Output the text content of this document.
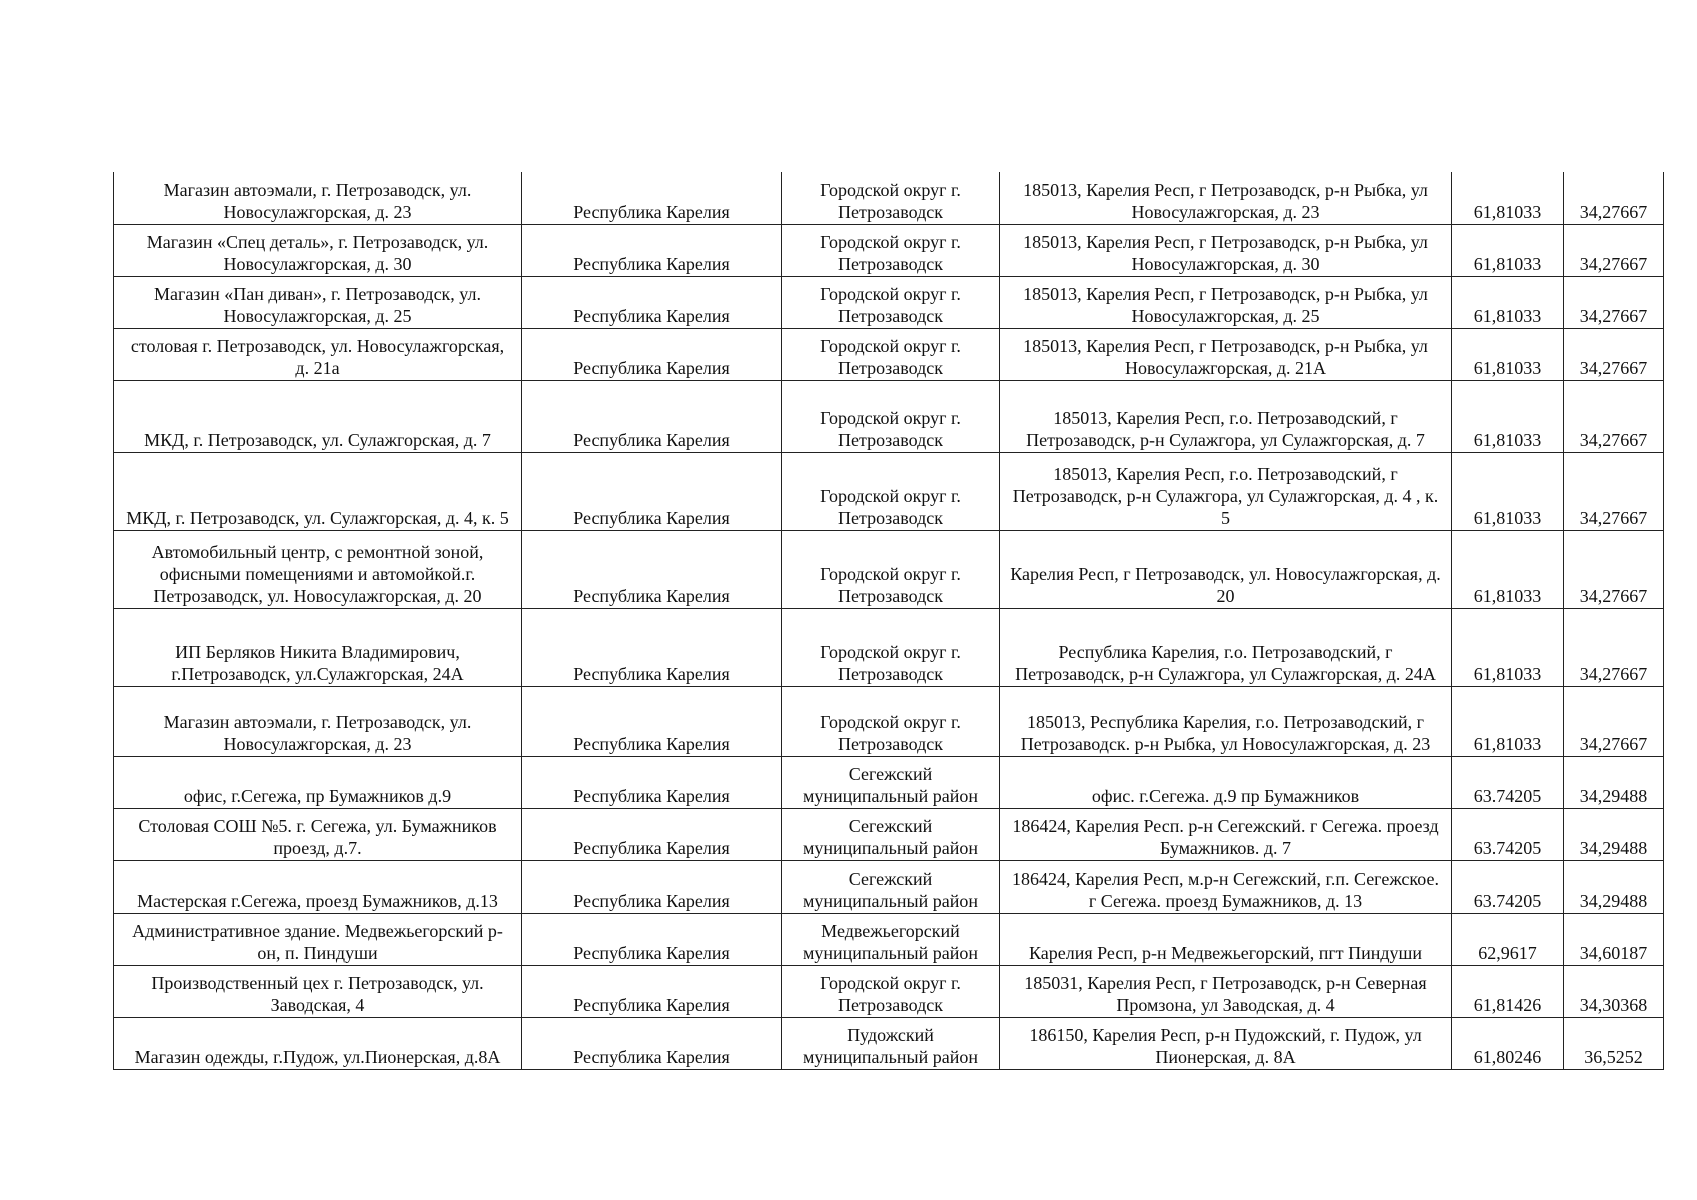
Магазин автоэмали, г. Петрозаводск, ул. Новосулажгорская, д. 23	Республика Карелия	Городской округ г. Петрозаводск	185013, Карелия Респ, г Петрозаводск, р-н Рыбка, ул Новосулажгорская, д. 23	61,81033	34,27667
Магазин «Спец деталь», г. Петрозаводск, ул. Новосулажгорская, д. 30	Республика Карелия	Городской округ г. Петрозаводск	185013, Карелия Респ, г Петрозаводск, р-н Рыбка, ул Новосулажгорская, д. 30	61,81033	34,27667
Магазин «Пан диван», г. Петрозаводск, ул. Новосулажгорская, д. 25	Республика Карелия	Городской округ г. Петрозаводск	185013, Карелия Респ, г Петрозаводск, р-н Рыбка, ул Новосулажгорская, д. 25	61,81033	34,27667
столовая г. Петрозаводск, ул. Новосулажгорская, д. 21а	Республика Карелия	Городской округ г. Петрозаводск	185013, Карелия Респ, г Петрозаводск, р-н Рыбка, ул Новосулажгорская, д. 21А	61,81033	34,27667
МКД, г. Петрозаводск, ул. Сулажгорская, д. 7	Республика Карелия	Городской округ г. Петрозаводск	185013, Карелия Респ, г.о. Петрозаводский, г Петрозаводск, р-н Сулажгора, ул Сулажгорская, д. 7	61,81033	34,27667
МКД, г. Петрозаводск, ул. Сулажгорская, д. 4, к. 5	Республика Карелия	Городской округ г. Петрозаводск	185013, Карелия Респ, г.о. Петрозаводский, г Петрозаводск, р-н Сулажгора, ул Сулажгорская, д. 4 , к. 5	61,81033	34,27667
Автомобильный центр, с ремонтной зоной, офисными помещениями и автомойкой.г. Петрозаводск, ул. Новосулажгорская, д. 20	Республика Карелия	Городской округ г. Петрозаводск	Карелия Респ, г Петрозаводск, ул. Новосулажгорская, д. 20	61,81033	34,27667
ИП Берляков Никита Владимирович, г.Петрозаводск, ул.Сулажгорская, 24А	Республика Карелия	Городской округ г. Петрозаводск	Республика Карелия, г.о. Петрозаводский, г Петрозаводск, р-н Сулажгора, ул Сулажгорская, д. 24А	61,81033	34,27667
Магазин автоэмали, г. Петрозаводск, ул. Новосулажгорская, д. 23	Республика Карелия	Городской округ г. Петрозаводск	185013, Республика Карелия, г.о. Петрозаводский, г Петрозаводск. р-н Рыбка, ул Новосулажгорская, д. 23	61,81033	34,27667
офис, г.Сегежа, пр Бумажников д.9	Республика Карелия	Сегежский муниципальный район	офис. г.Сегежа. д.9 пр Бумажников	63.74205	34,29488
Столовая СОШ №5. г. Сегежа, ул. Бумажников проезд, д.7.	Республика Карелия	Сегежский муниципальный район	186424, Карелия Респ. р-н Сегежский. г Сегежа. проезд Бумажников. д. 7	63.74205	34,29488
Мастерская г.Сегежа, проезд Бумажников, д.13	Республика Карелия	Сегежский муниципальный район	186424, Карелия Респ, м.р-н Сегежский, г.п. Сегежское. г Сегежа. проезд Бумажников, д. 13	63.74205	34,29488
Административное здание. Медвежьегорский р-он, п. Пиндуши	Республика Карелия	Медвежьегорский муниципальный район	Карелия Респ, р-н Медвежьегорский, пгт Пиндуши	62,9617	34,60187
Производственный цех г. Петрозаводск, ул. Заводская, 4	Республика Карелия	Городской округ г. Петрозаводск	185031, Карелия Респ, г Петрозаводск, р-н Северная Промзона, ул Заводская, д. 4	61,81426	34,30368
Магазин одежды, г.Пудож, ул.Пионерская, д.8А	Республика Карелия	Пудожский муниципальный район	186150, Карелия Респ, р-н Пудожский, г. Пудож, ул Пионерская, д. 8А	61,80246	36,5252
